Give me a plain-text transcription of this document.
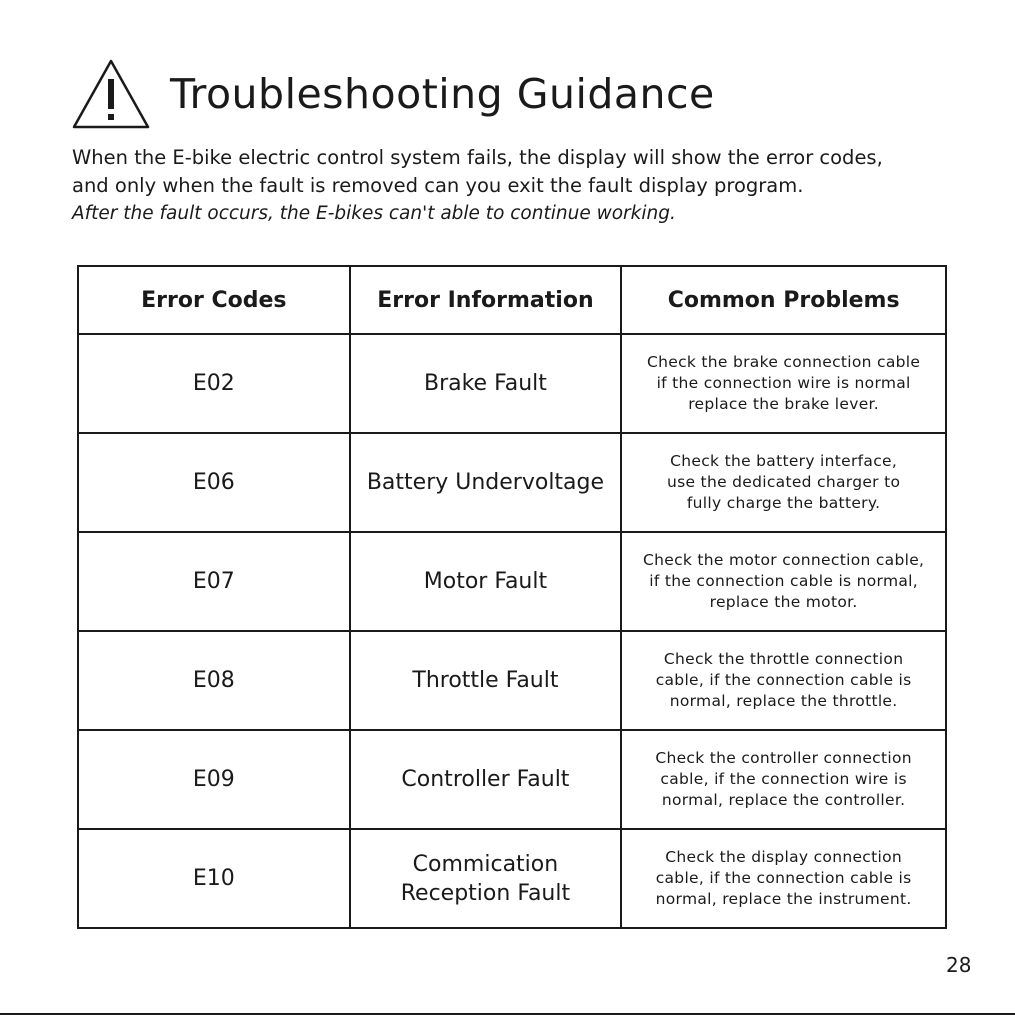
Troubleshooting Guidance
When the E-bike electric control system fails, the display will show the error codes,
and only when the fault is removed can you exit the fault display program.
After the fault occurs, the E-bikes can't able to continue working.
Error Codes	Error Information	Common Problems
E02	Brake Fault	Check the brake connection cable
if the connection wire is normal
replace the brake lever.
E06	Battery Undervoltage	Check the battery interface,
use the dedicated charger to
fully charge the battery.
E07	Motor Fault	Check the motor connection cable,
if the connection cable is normal,
replace the motor.
E08	Throttle Fault	Check the throttle connection
cable, if the connection cable is
normal, replace the throttle.
E09	Controller Fault	Check the controller connection
cable, if the connection wire is
normal, replace the controller.
E10	Commication
Reception Fault	Check the display connection
cable, if the connection cable is
normal, replace the instrument.
28
